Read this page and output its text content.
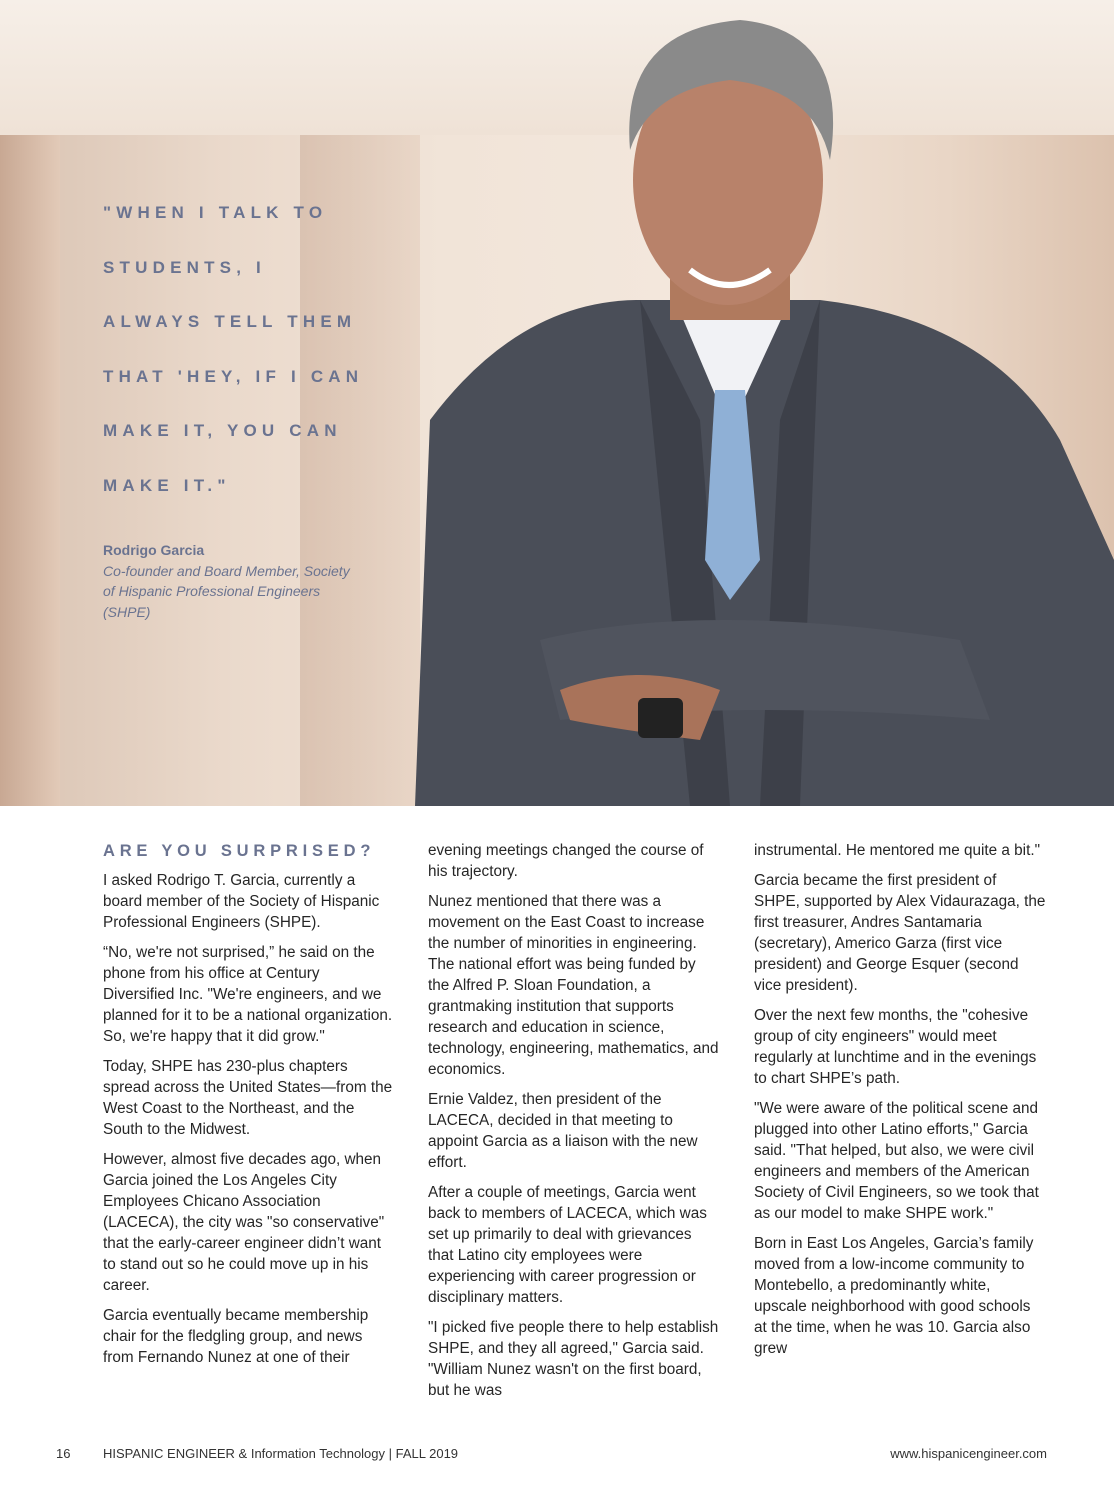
"WHEN I TALK TO
STUDENTS, I
ALWAYS TELL THEM
THAT 'HEY, IF I CAN
MAKE IT, YOU CAN
MAKE IT."
Rodrigo Garcia
Co-founder and Board Member, Society of Hispanic Professional Engineers (SHPE)
ARE YOU SURPRISED?

I asked Rodrigo T. Garcia, currently a board member of the Society of Hispanic Professional Engineers (SHPE).

“No, we're not surprised,” he said on the phone from his office at Century Diversified Inc. "We're engineers, and we planned for it to be a national organization. So, we're happy that it did grow."

Today, SHPE has 230-plus chapters spread across the United States—from the West Coast to the Northeast, and the South to the Midwest.

However, almost five decades ago, when Garcia joined the Los Angeles City Employees Chicano Association (LACECA), the city was "so conservative" that the early-career engineer didn’t want to stand out so he could move up in his career.

Garcia eventually became membership chair for the fledgling group, and news from Fernando Nunez at one of their

evening meetings changed the course of his trajectory.

Nunez mentioned that there was a movement on the East Coast to increase the number of minorities in engineering. The national effort was being funded by the Alfred P. Sloan Foundation, a grantmaking institution that supports research and education in science, technology, engineering, mathematics, and economics.

Ernie Valdez, then president of the LACECA, decided in that meeting to appoint Garcia as a liaison with the new effort.

After a couple of meetings, Garcia went back to members of LACECA, which was set up primarily to deal with grievances that Latino city employees were experiencing with career progression or disciplinary matters.

"I picked five people there to help establish SHPE, and they all agreed," Garcia said. "William Nunez wasn't on the first board, but he was

instrumental. He mentored me quite a bit."

Garcia became the first president of SHPE, supported by Alex Vidaurazaga, the first treasurer, Andres Santamaria (secretary), Americo Garza (first vice president) and George Esquer (second vice president).

Over the next few months, the "cohesive group of city engineers" would meet regularly at lunchtime and in the evenings to chart SHPE’s path.

"We were aware of the political scene and plugged into other Latino efforts," Garcia said. "That helped, but also, we were civil engineers and members of the American Society of Civil Engineers, so we took that as our model to make SHPE work."

Born in East Los Angeles, Garcia’s family moved from a low-income community to Montebello, a predominantly white, upscale neighborhood with good schools at the time, when he was 10. Garcia also grew

16	HISPANIC ENGINEER & Information Technology | FALL 2019	www.hispanicengineer.com
